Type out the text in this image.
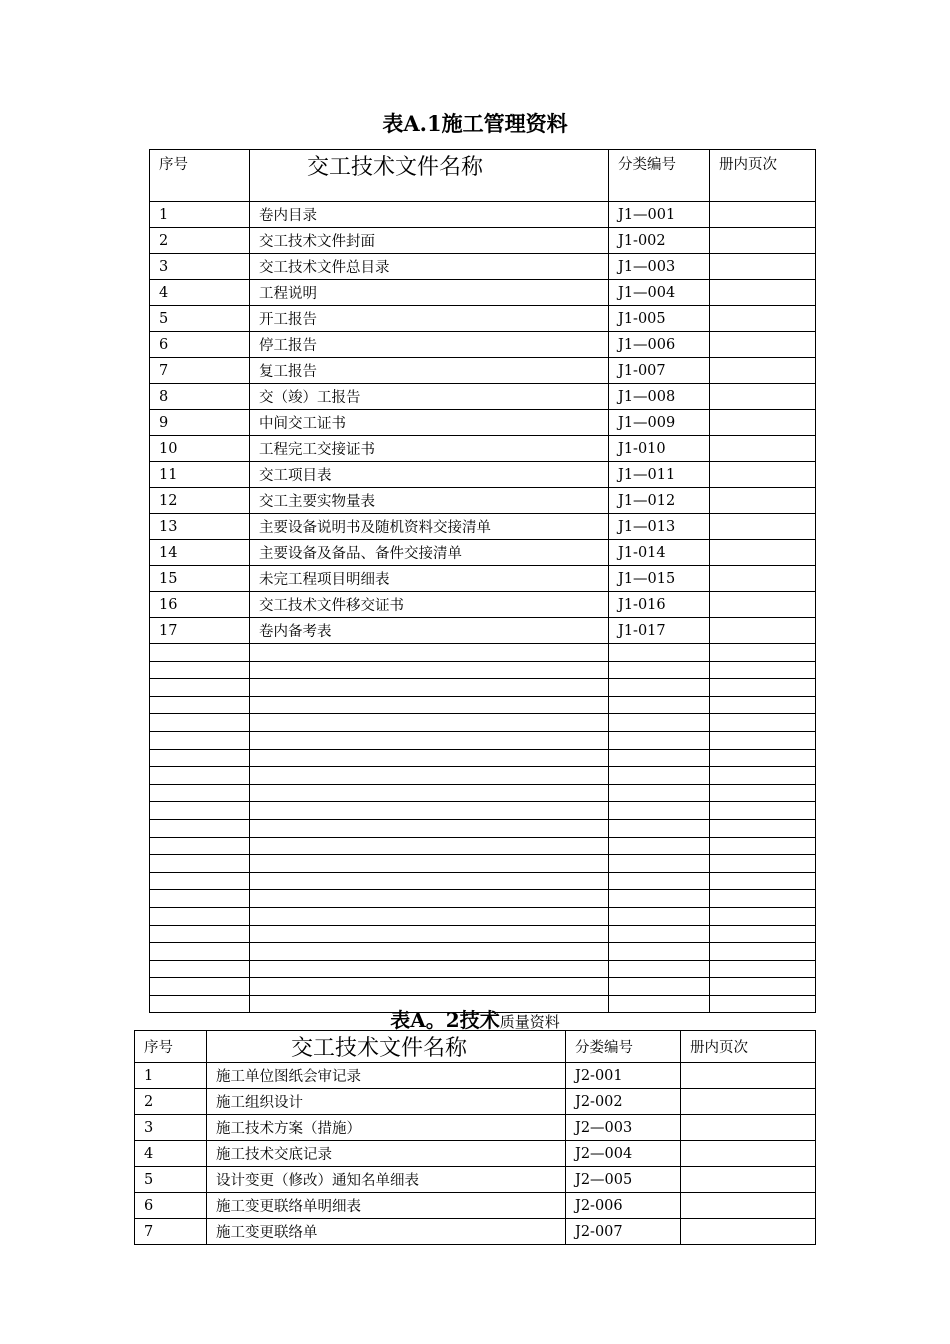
表A.1施工管理资料
序号	交工技术文件名称	分类编号	册内页次
1	卷内目录	J1—001	
2	交工技术文件封面	J1-002	
3	交工技术文件总目录	J1—003	
4	工程说明	J1—004	
5	开工报告	J1-005	
6	停工报告	J1—006	
7	复工报告	J1-007	
8	交（竣）工报告	J1—008	
9	中间交工证书	J1—009	
10	工程完工交接证书	J1-010	
11	交工项目表	J1—011	
12	交工主要实物量表	J1—012	
13	主要设备说明书及随机资料交接清单	J1—013	
14	主要设备及备品、备件交接清单	J1-014	
15	未完工程项目明细表	J1—015	
16	交工技术文件移交证书	J1-016	
17	卷内备考表	J1-017	

表A。2技术质量资料
序号	交工技术文件名称	分娄编号	册内页次
1	施工单位图纸会审记录	J2-001	
2	施工组织设计	J2-002	
3	施工技术方案（措施）	J2—003	
4	施工技术交底记录	J2—004	
5	设计变更（修改）通知名单细表	J2—005	
6	施工变更联络单明细表	J2-006	
7	施工变更联络单	J2-007	
